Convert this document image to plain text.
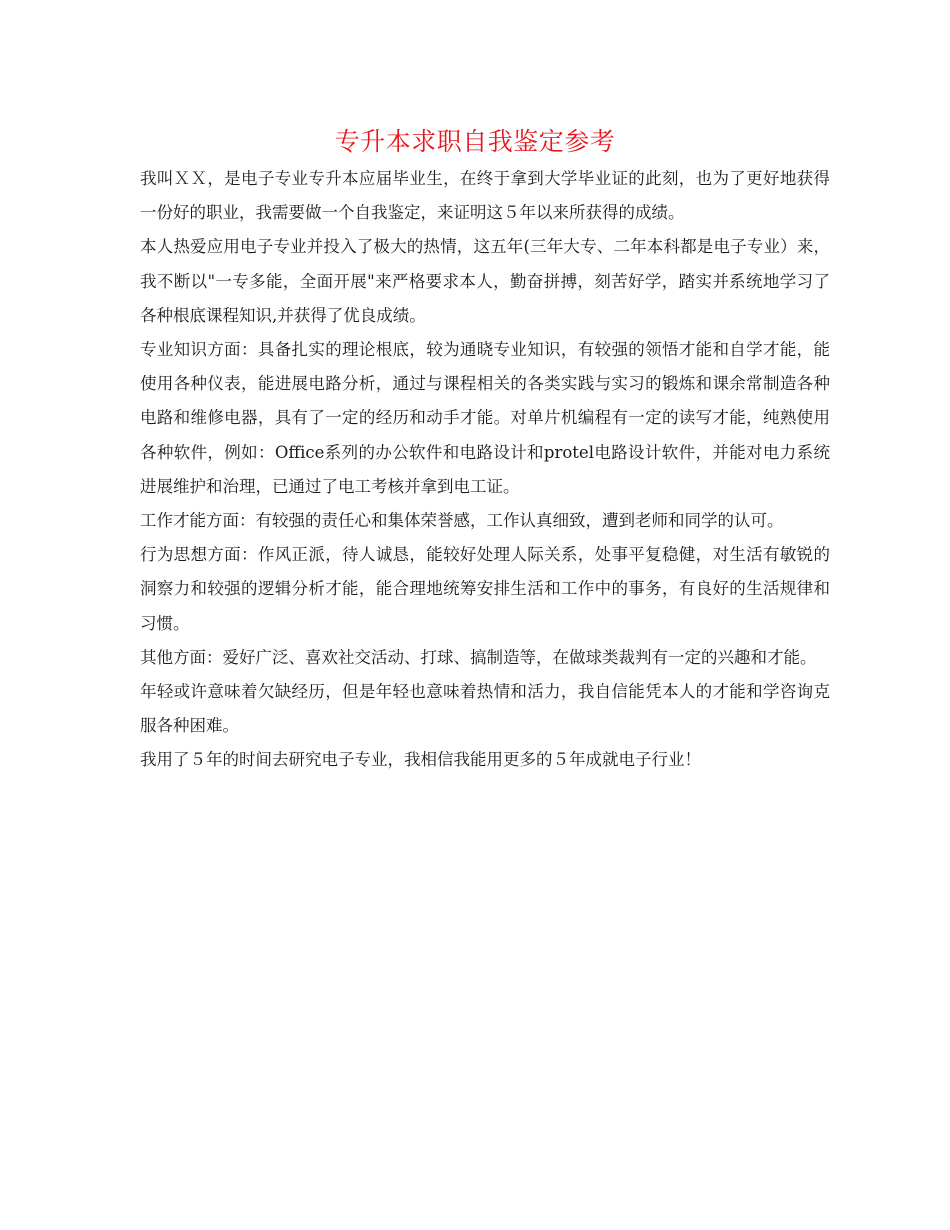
专升本求职自我鉴定参考

我叫ＸＸ，是电子专业专升本应届毕业生，在终于拿到大学毕业证的此刻，也为了更好地获得一份好的职业，我需要做一个自我鉴定，来证明这５年以来所获得的成绩。

本人热爱应用电子专业并投入了极大的热情，这五年(三年大专、二年本科都是电子专业）来，我不断以"一专多能，全面开展"来严格要求本人，勤奋拼搏，刻苦好学，踏实并系统地学习了各种根底课程知识,并获得了优良成绩。

专业知识方面：具备扎实的理论根底，较为通晓专业知识，有较强的领悟才能和自学才能，能使用各种仪表，能进展电路分析，通过与课程相关的各类实践与实习的锻炼和课余常制造各种电路和维修电器，具有了一定的经历和动手才能。对单片机编程有一定的读写才能，纯熟使用各种软件，例如：Office系列的办公软件和电路设计和protel电路设计软件，并能对电力系统进展维护和治理，已通过了电工考核并拿到电工证。

工作才能方面：有较强的责任心和集体荣誉感，工作认真细致，遭到老师和同学的认可。

行为思想方面：作风正派，待人诚恳，能较好处理人际关系，处事平复稳健，对生活有敏锐的洞察力和较强的逻辑分析才能，能合理地统筹安排生活和工作中的事务，有良好的生活规律和习惯。

其他方面：爱好广泛、喜欢社交活动、打球、搞制造等，在做球类裁判有一定的兴趣和才能。

年轻或许意味着欠缺经历，但是年轻也意味着热情和活力，我自信能凭本人的才能和学咨询克服各种困难。

我用了５年的时间去研究电子专业，我相信我能用更多的５年成就电子行业！
